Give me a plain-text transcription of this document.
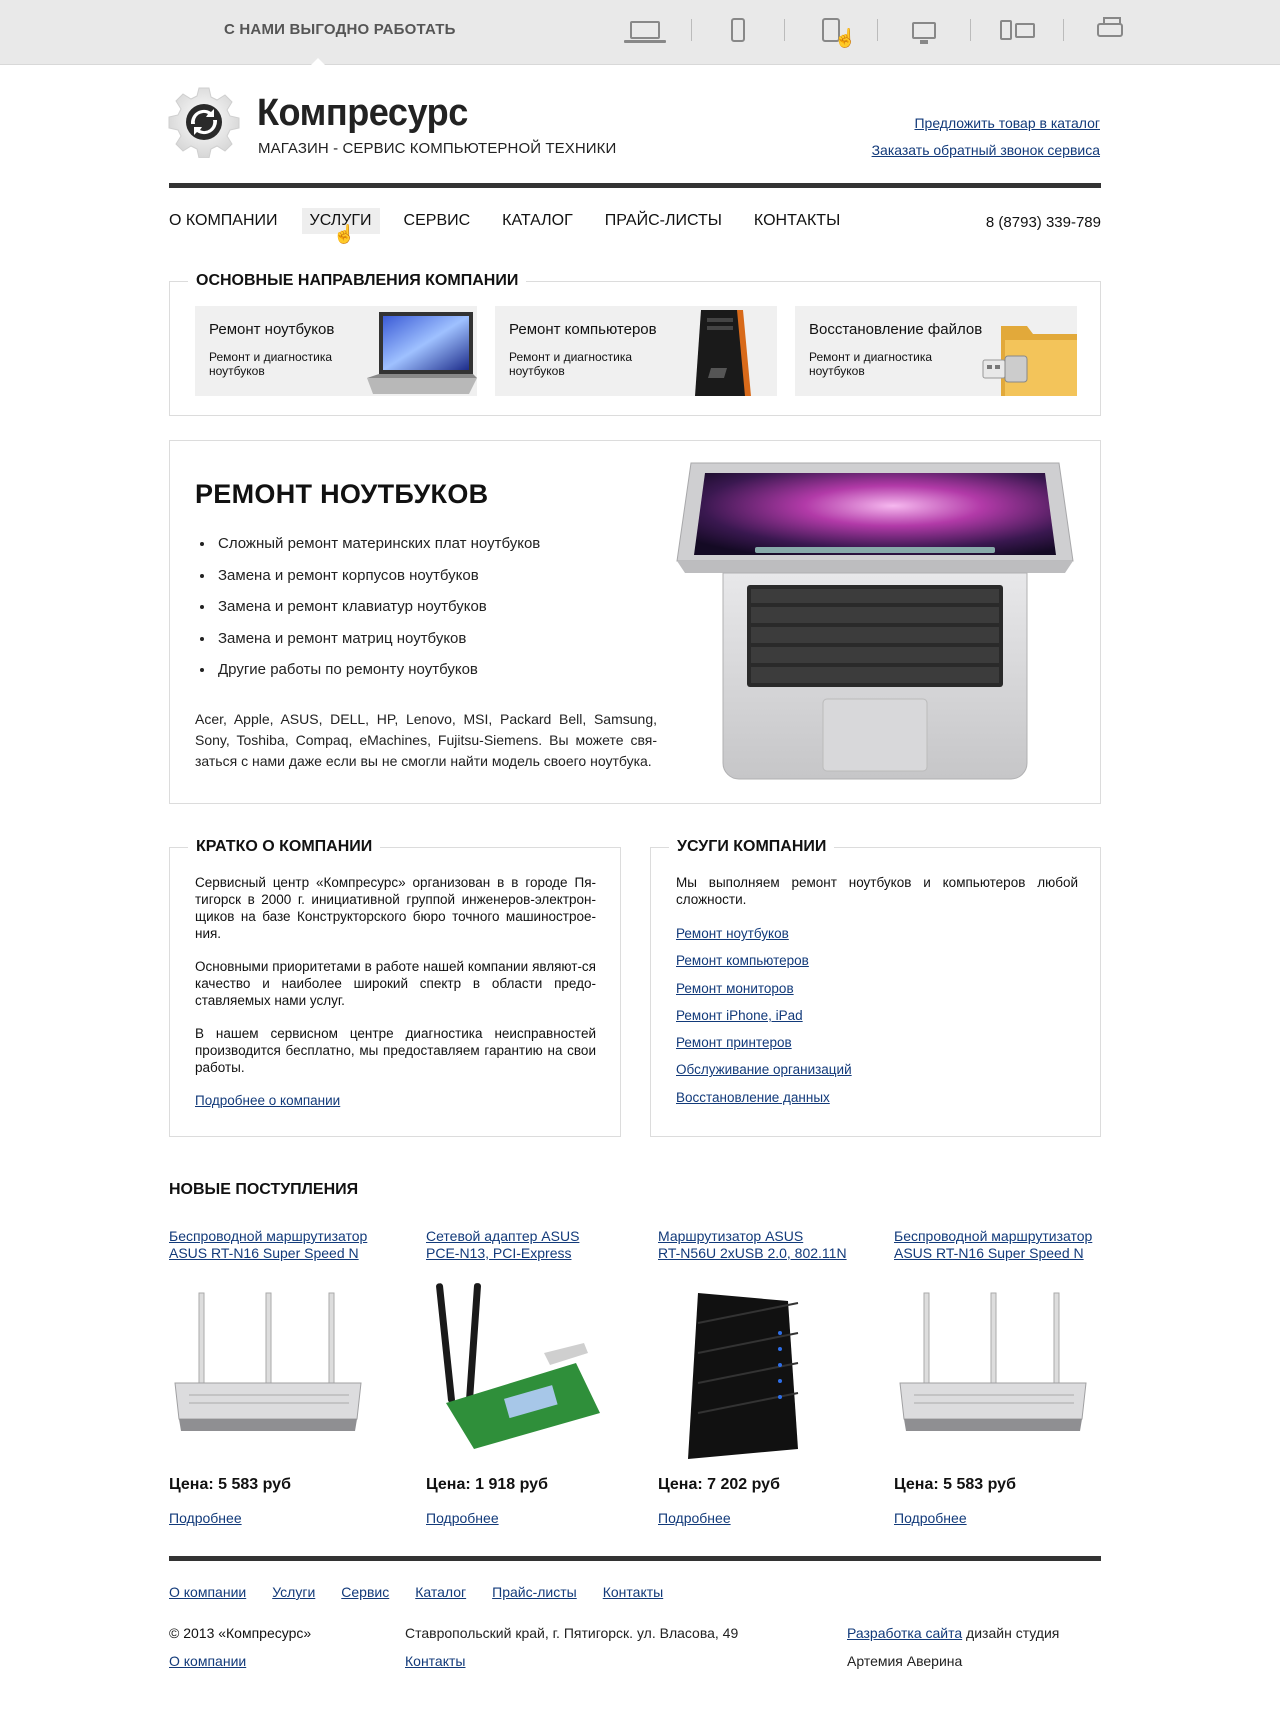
С НАМИ ВЫГОДНО РАБОТАТЬ	☝
Компресурс
МАГАЗИН - СЕРВИС КОМПЬЮТЕРНОЙ ТЕХНИКИ
Предложить товар в каталог
Заказать обратный звонок сервиса
О КОМПАНИИ	УСЛУГИ	СЕРВИС	КАТАЛОГ	ПРАЙС-ЛИСТЫ	КОНТАКТЫ
☝
8 (8793) 339-789
ОСНОВНЫЕ НАПРАВЛЕНИЯ КОМПАНИИ
Ремонт ноутбуков
Ремонт и диагностика ноутбуков
Ремонт компьютеров
Ремонт и диагностика ноутбуков
Восстановление файлов
Ремонт и диагностика ноутбуков
РЕМОНТ НОУТБУКОВ
Сложный ремонт материнских плат ноутбуков
Замена и ремонт корпусов ноутбуков
Замена и ремонт клавиатур ноутбуков
Замена и ремонт матриц ноутбуков
Другие работы по ремонту ноутбуков
Acer, Apple, ASUS, DELL, HP, Lenovo, MSI, Packard Bell, Samsung, Sony, Toshiba, Compaq, eMachines, Fujitsu-Siemens. Вы можете свя-заться с нами даже если вы не смогли найти модель своего ноутбука.
КРАТКО О КОМПАНИИ

Сервисный центр «Компресурс» организован в в городе Пя-тигорск в 2000 г. инициативной группой инженеров-электрон-щиков на базе Конструкторского бюро точного машинострое-ния.

Основными приоритетами в работе нашей компании являют-ся качество и наиболее широкий спектр в области предо-ставляемых нами услуг.

В нашем сервисном центре диагностика неисправностей производится бесплатно, мы предоставляем гарантию на свои работы.

Подробнее о компании
УСУГИ КОМПАНИИ
Мы выполняем ремонт ноутбуков и компьютеров любой сложности.
Ремонт ноутбуков
Ремонт компьютеров
Ремонт мониторов
Ремонт iPhone, iPad
Ремонт принтеров
Обслуживание организаций
Восстановление данных
НОВЫЕ ПОСТУПЛЕНИЯ
Беспроводной маршрутизатор
ASUS RT-N16 Super Speed N
Цена: 5 583 руб
Подробнее
Сетевой адаптер ASUS
PCE-N13, PCI-Express
Цена: 1 918 руб
Подробнее
Маршрутизатор ASUS
RT-N56U 2xUSB 2.0, 802.11N
Цена: 7 202 руб
Подробнее
Беспроводной маршрутизатор
ASUS RT-N16 Super Speed N
Цена: 5 583 руб
Подробнее
О компании Услуги Сервис Каталог Прайс-листы Контакты
© 2013 «Компресурс»
О компании
Ставропольский край, г. Пятигорск. ул. Власова, 49
Контакты
Разработка сайта дизайн студия
Артемия Аверина
